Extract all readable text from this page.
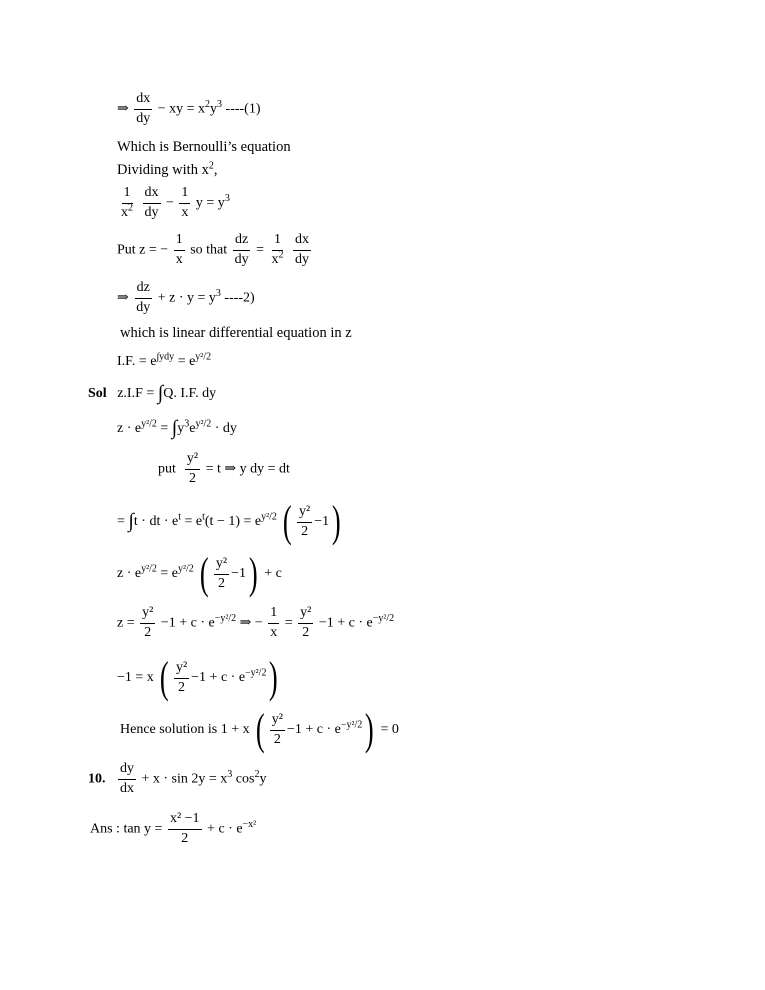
⇒ $\frac{dx}{dy}$ − xy = $x^2y^3$ ----(1)
Which is Bernoulli’s equation
Dividing with $x^2$,
$\frac{1}{x^2}$
$\frac{dx}{dy} - \frac{1}{x}$ $y = y^3$
Put z = − $\frac{1}{x}$ so that $\frac{dz}{dy} = \frac{1}{x^2}$
$\frac{dx}{dy}$
⇒ $\frac{dz}{dy} + z \cdot y = y^3$ ----2)
which is linear differential equation in z
I.F. = $e^{\int ydy} = e^{y^2/2}$
Sol z.I.F = ∫Q. I.F. dy
$z \cdot e^{y^2/2} = \int y^3e^{y^2/2}$ · dy
put $\frac{\text{y²}}{2} = t$ ⇒ y dy = dt
= ∫t · dt · $e^t = e^t(t - 1) = e^{y^2/2}$ ( $\frac{\text{y²}}{2} -1$)
$z \cdot e^{y^2/2} = e^{y^2/2}$ ( $\frac{\text{y²}}{2} -1) + c$
$z = \frac{\text{y²}}{2} -1 + c \cdot e^{-y^2/2}$ ⇒ − $\frac{1}{x} = \frac{\text{y²}}{2} -1 + c \cdot e^{-y^2/2}$
−1 = x ( $\frac{\text{y²}}{2} -1 + c \cdot e^{-y^2/2}$)
Hence solution is 1 + x ( $\frac{\text{y²}}{2} -1 + c \cdot e^{-y^2/2}) = 0$
10. $\frac{dy}{dx} + x \cdot \sin 2y = x^3$ $\cos^2y$
Ans : $\tan y = \frac{\text{x² −1}}{2} + c \cdot e^{-x^2}$
